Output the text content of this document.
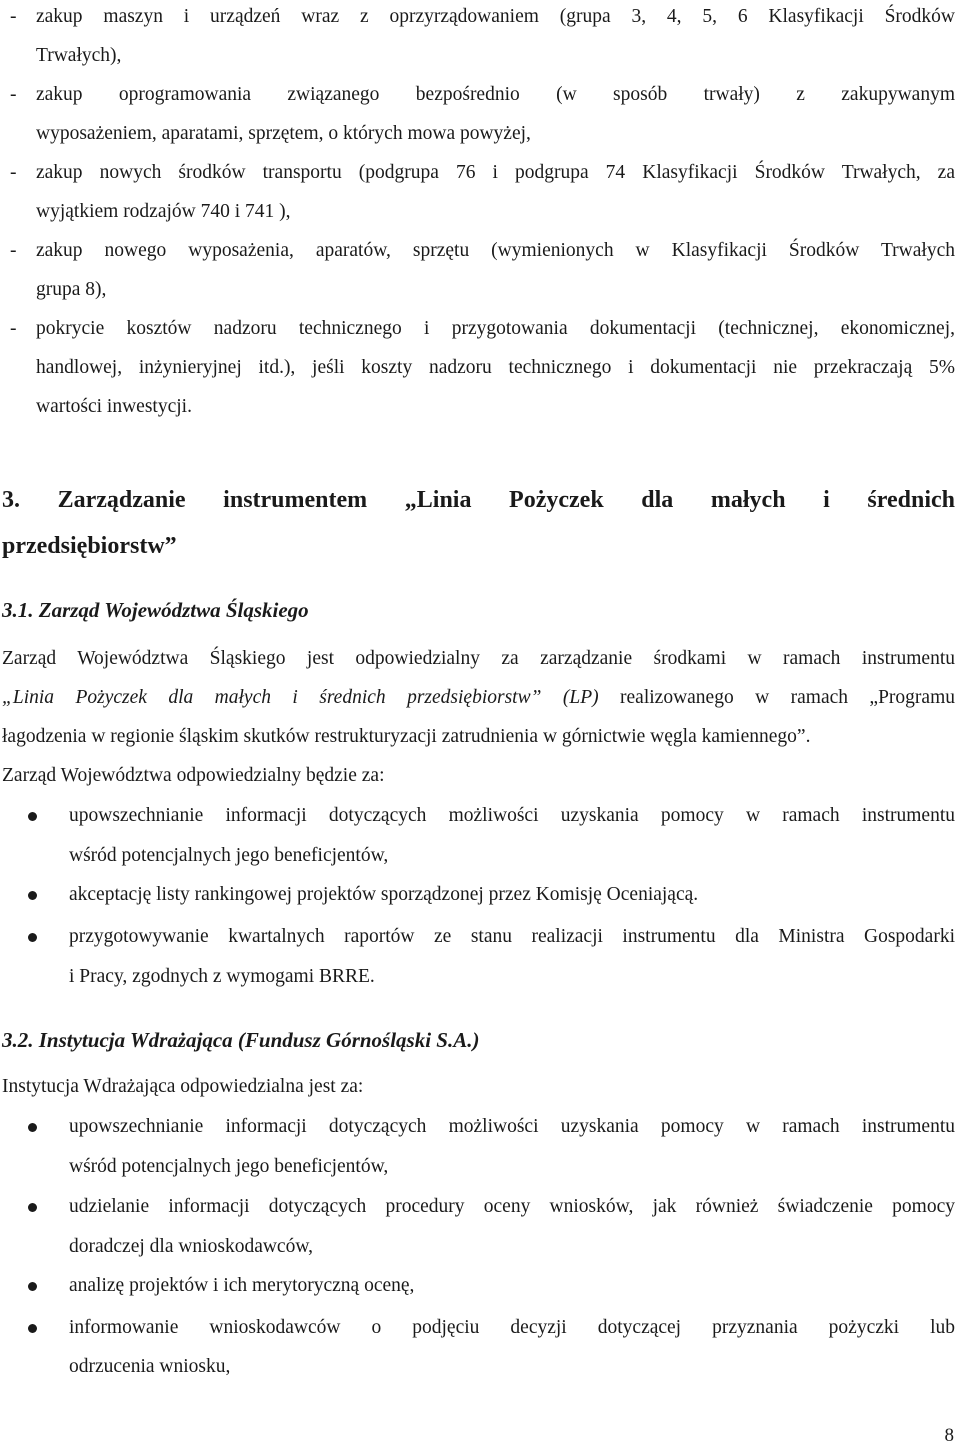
- zakup maszyn i urządzeń wraz z oprzyrządowaniem (grupa 3, 4, 5, 6 Klasyfikacji Środków
Trwałych),
- zakup oprogramowania związanego bezpośrednio (w sposób trwały) z zakupywanym
wyposażeniem, aparatami, sprzętem, o których mowa powyżej,
- zakup nowych środków transportu (podgrupa 76 i podgrupa 74 Klasyfikacji Środków Trwałych, za
wyjątkiem rodzajów 740 i 741 ),
- zakup nowego wyposażenia, aparatów, sprzętu (wymienionych w Klasyfikacji Środków Trwałych
grupa 8),
- pokrycie kosztów nadzoru technicznego i przygotowania dokumentacji (technicznej, ekonomicznej,
handlowej, inżynieryjnej itd.), jeśli koszty nadzoru technicznego i dokumentacji nie przekraczają 5%
wartości inwestycji.
3. Zarządzanie instrumentem „Linia Pożyczek dla małych i średnich
przedsiębiorstw”
3.1. Zarząd Województwa Śląskiego
Zarząd Województwa Śląskiego jest odpowiedzialny za zarządzanie środkami w ramach instrumentu
„Linia Pożyczek dla małych i średnich przedsiębiorstw” (LP) realizowanego w ramach „Programu
łagodzenia w regionie śląskim skutków restrukturyzacji zatrudnienia w górnictwie węgla kamiennego”.
Zarząd Województwa odpowiedzialny będzie za:
upowszechnianie informacji dotyczących możliwości uzyskania pomocy w ramach instrumentu
wśród potencjalnych jego beneficjentów,
akceptację listy rankingowej projektów sporządzonej przez Komisję Oceniającą.
przygotowywanie kwartalnych raportów ze stanu realizacji instrumentu dla Ministra Gospodarki
i Pracy, zgodnych z wymogami BRRE.
3.2. Instytucja Wdrażająca (Fundusz Górnośląski S.A.)
Instytucja Wdrażająca odpowiedzialna jest za:
upowszechnianie informacji dotyczących możliwości uzyskania pomocy w ramach instrumentu
wśród potencjalnych jego beneficjentów,
udzielanie informacji dotyczących procedury oceny wniosków, jak również świadczenie pomocy
doradczej dla wnioskodawców,
analizę projektów i ich merytoryczną ocenę,
informowanie wnioskodawców o podjęciu decyzji dotyczącej przyznania pożyczki lub
odrzucenia wniosku,
8
